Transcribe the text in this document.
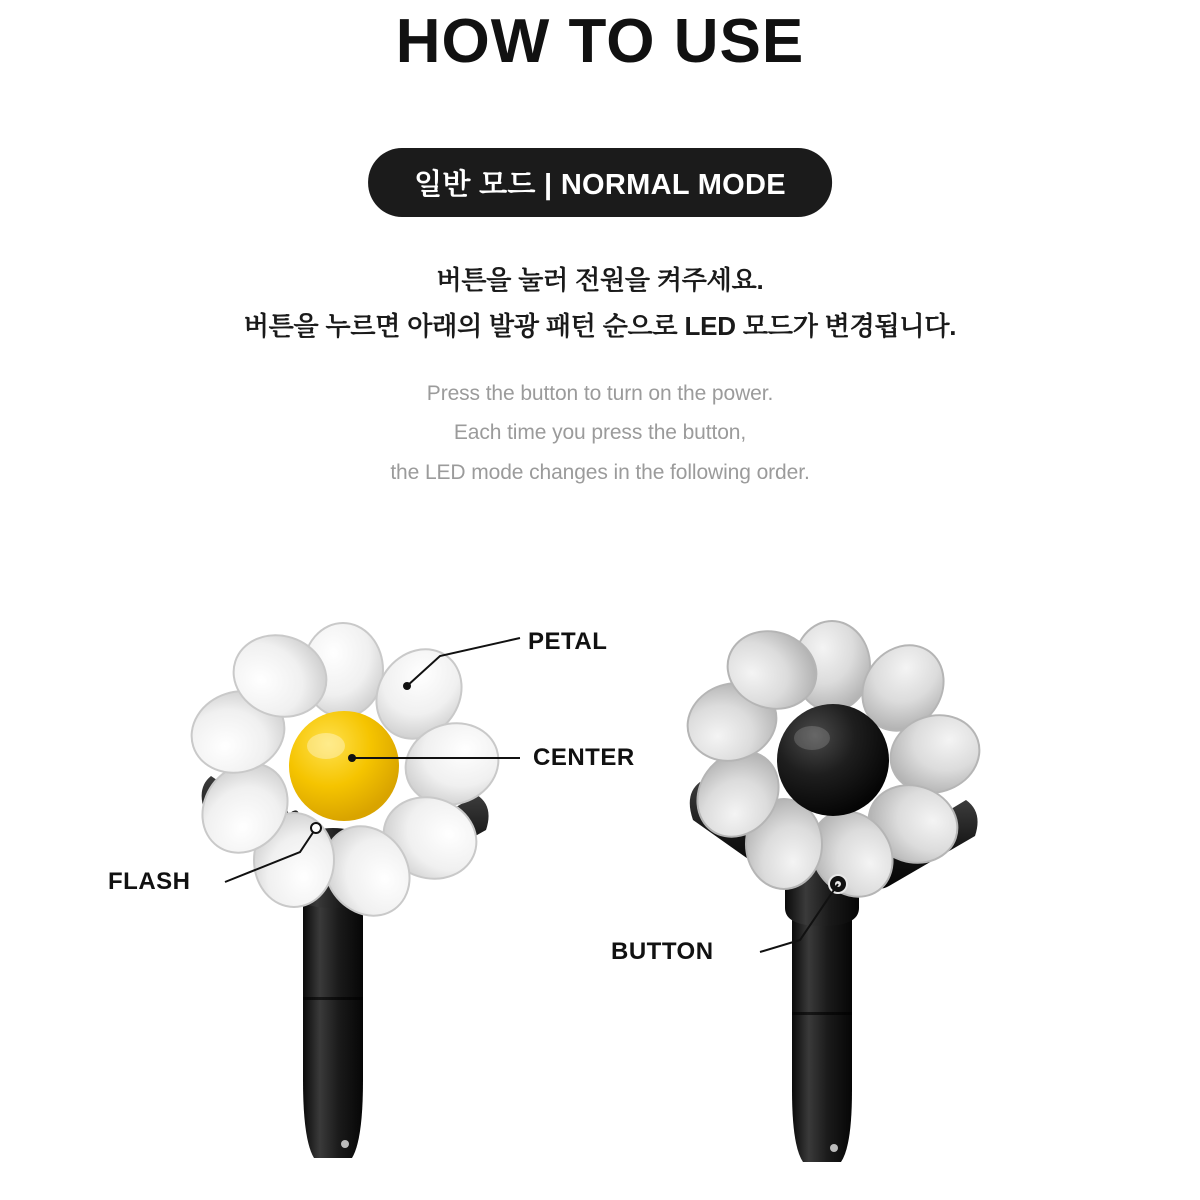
HOW TO USE
일반 모드 | NORMAL MODE
버튼을 눌러 전원을 켜주세요.
버튼을 누르면 아래의 발광 패턴 순으로 LED 모드가 변경됩니다.
Press the button to turn on the power.
Each time you press the button,
the LED mode changes in the following order.
PETAL
CENTER
FLASH
BUTTON
